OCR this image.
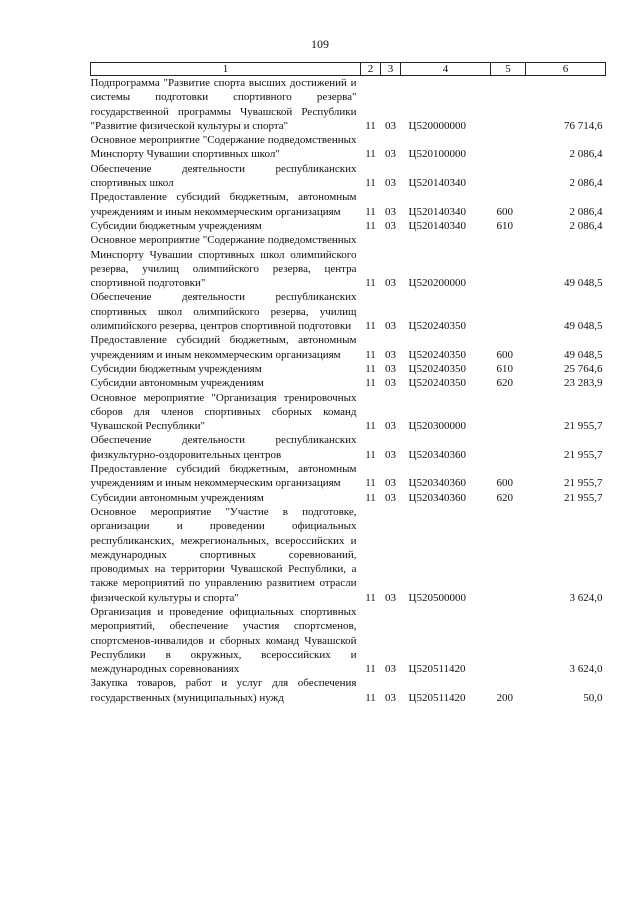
109
1	2	3	4	5	6
Подпрограмма "Развитие спорта высших достижений и системы подготовки спортивного резерва" государственной программы Чувашской Республики "Развитие физической культуры и спорта"	11	03	Ц520000000		76 714,6
Основное мероприятие "Содержание подведомственных Минспорту Чувашии спортивных школ"	11	03	Ц520100000		2 086,4
Обеспечение деятельности республиканских спортивных школ	11	03	Ц520140340		2 086,4
Предоставление субсидий бюджетным, автономным учреждениям и иным некоммерческим организациям	11	03	Ц520140340	600	2 086,4
Субсидии бюджетным учреждениям	11	03	Ц520140340	610	2 086,4
Основное мероприятие "Содержание подведомственных Минспорту Чувашии спортивных школ олимпийского резерва, училищ олимпийского резерва, центра спортивной подготовки"	11	03	Ц520200000		49 048,5
Обеспечение деятельности республиканских спортивных школ олимпийского резерва, училищ олимпийского резерва, центров спортивной подготовки	11	03	Ц520240350		49 048,5
Предоставление субсидий бюджетным, автономным учреждениям и иным некоммерческим организациям	11	03	Ц520240350	600	49 048,5
Субсидии бюджетным учреждениям	11	03	Ц520240350	610	25 764,6
Субсидии автономным учреждениям	11	03	Ц520240350	620	23 283,9
Основное мероприятие "Организация тренировочных сборов для членов спортивных сборных команд Чувашской Республики"	11	03	Ц520300000		21 955,7
Обеспечение деятельности республиканских физкультурно-оздоровительных центров	11	03	Ц520340360		21 955,7
Предоставление субсидий бюджетным, автономным учреждениям и иным некоммерческим организациям	11	03	Ц520340360	600	21 955,7
Субсидии автономным учреждениям	11	03	Ц520340360	620	21 955,7
Основное мероприятие "Участие в подготовке, организации и проведении официальных республиканских, межрегиональных, всероссийских и международных спортивных соревнований, проводимых на территории Чувашской Республики, а также мероприятий по управлению развитием отрасли физической культуры и спорта"	11	03	Ц520500000		3 624,0
Организация и проведение официальных спортивных мероприятий, обеспечение участия спортсменов, спортсменов-инвалидов и сборных команд Чувашской Республики в окружных, всероссийских и международных соревнованиях	11	03	Ц520511420		3 624,0
Закупка товаров, работ и услуг для обеспечения государственных (муниципальных) нужд	11	03	Ц520511420	200	50,0
